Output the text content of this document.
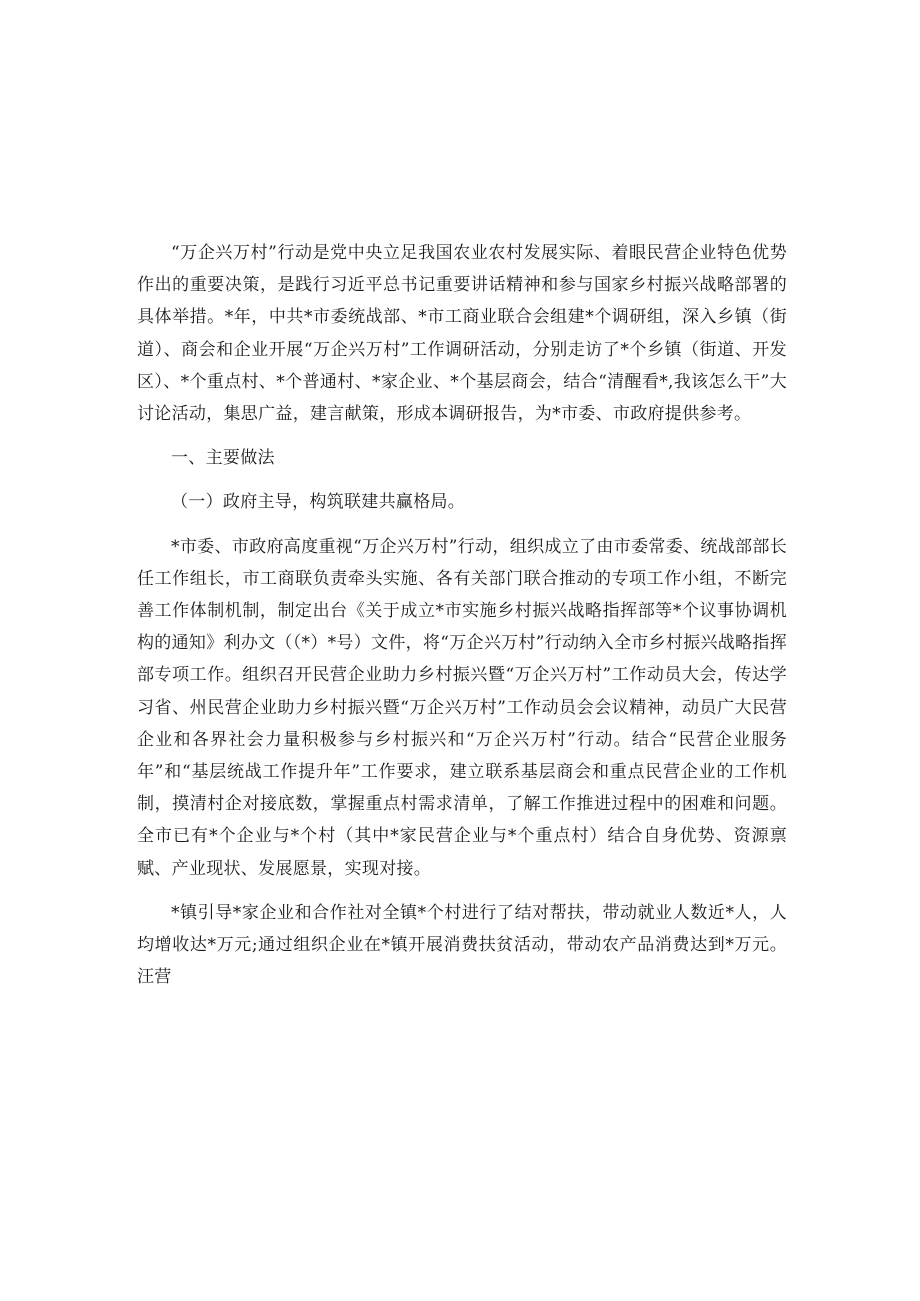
“万企兴万村”行动是党中央立足我国农业农村发展实际、着眼民营企业特色优势作出的重要决策，是践行习近平总书记重要讲话精神和参与国家乡村振兴战略部署的具体举措。*年，中共*市委统战部、*市工商业联合会组建*个调研组，深入乡镇（街道）、商会和企业开展“万企兴万村”工作调研活动，分别走访了*个乡镇（街道、开发区）、*个重点村、*个普通村、*家企业、*个基层商会，结合“清醒看*,我该怎么干”大讨论活动，集思广益，建言献策，形成本调研报告，为*市委、市政府提供参考。

一、主要做法

（一）政府主导，构筑联建共赢格局。

*市委、市政府高度重视“万企兴万村”行动，组织成立了由市委常委、统战部部长任工作组长，市工商联负责牵头实施、各有关部门联合推动的专项工作小组，不断完善工作体制机制，制定出台《关于成立*市实施乡村振兴战略指挥部等*个议事协调机构的通知》利办文（（*）*号）文件，将“万企兴万村”行动纳入全市乡村振兴战略指挥部专项工作。组织召开民营企业助力乡村振兴暨“万企兴万村”工作动员大会，传达学习省、州民营企业助力乡村振兴暨“万企兴万村”工作动员会会议精神，动员广大民营企业和各界社会力量积极参与乡村振兴和“万企兴万村”行动。结合“民营企业服务年”和“基层统战工作提升年”工作要求，建立联系基层商会和重点民营企业的工作机制，摸清村企对接底数，掌握重点村需求清单，了解工作推进过程中的困难和问题。全市已有*个企业与*个村（其中*家民营企业与*个重点村）结合自身优势、资源禀赋、产业现状、发展愿景，实现对接。

*镇引导*家企业和合作社对全镇*个村进行了结对帮扶，带动就业人数近*人，人均增收达*万元;通过组织企业在*镇开展消费扶贫活动，带动农产品消费达到*万元。汪营
